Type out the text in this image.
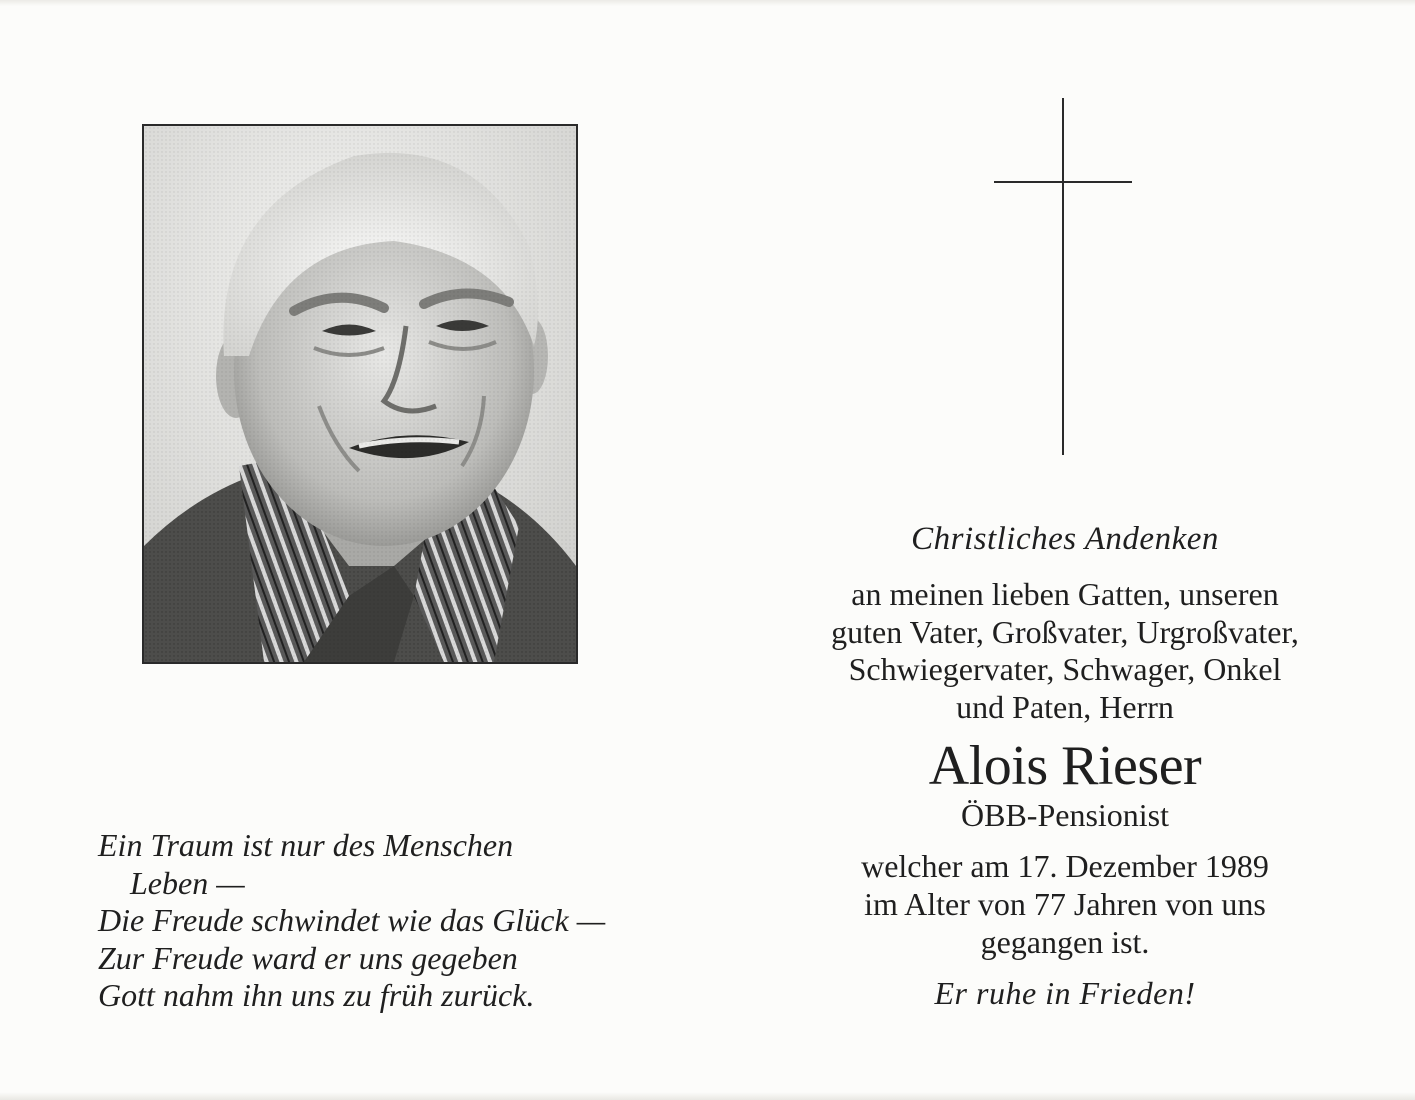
Christliches Andenken
an meinen lieben Gatten, unseren
guten Vater, Großvater, Urgroßvater,
Schwiegervater, Schwager, Onkel
und Paten, Herrn
Alois Rieser
ÖBB-Pensionist
welcher am 17. Dezember 1989
im Alter von 77 Jahren von uns
gegangen ist.
Er ruhe in Frieden!
Ein Traum ist nur des Menschen
Leben —
Die Freude schwindet wie das Glück —
Zur Freude ward er uns gegeben
Gott nahm ihn uns zu früh zurück.
